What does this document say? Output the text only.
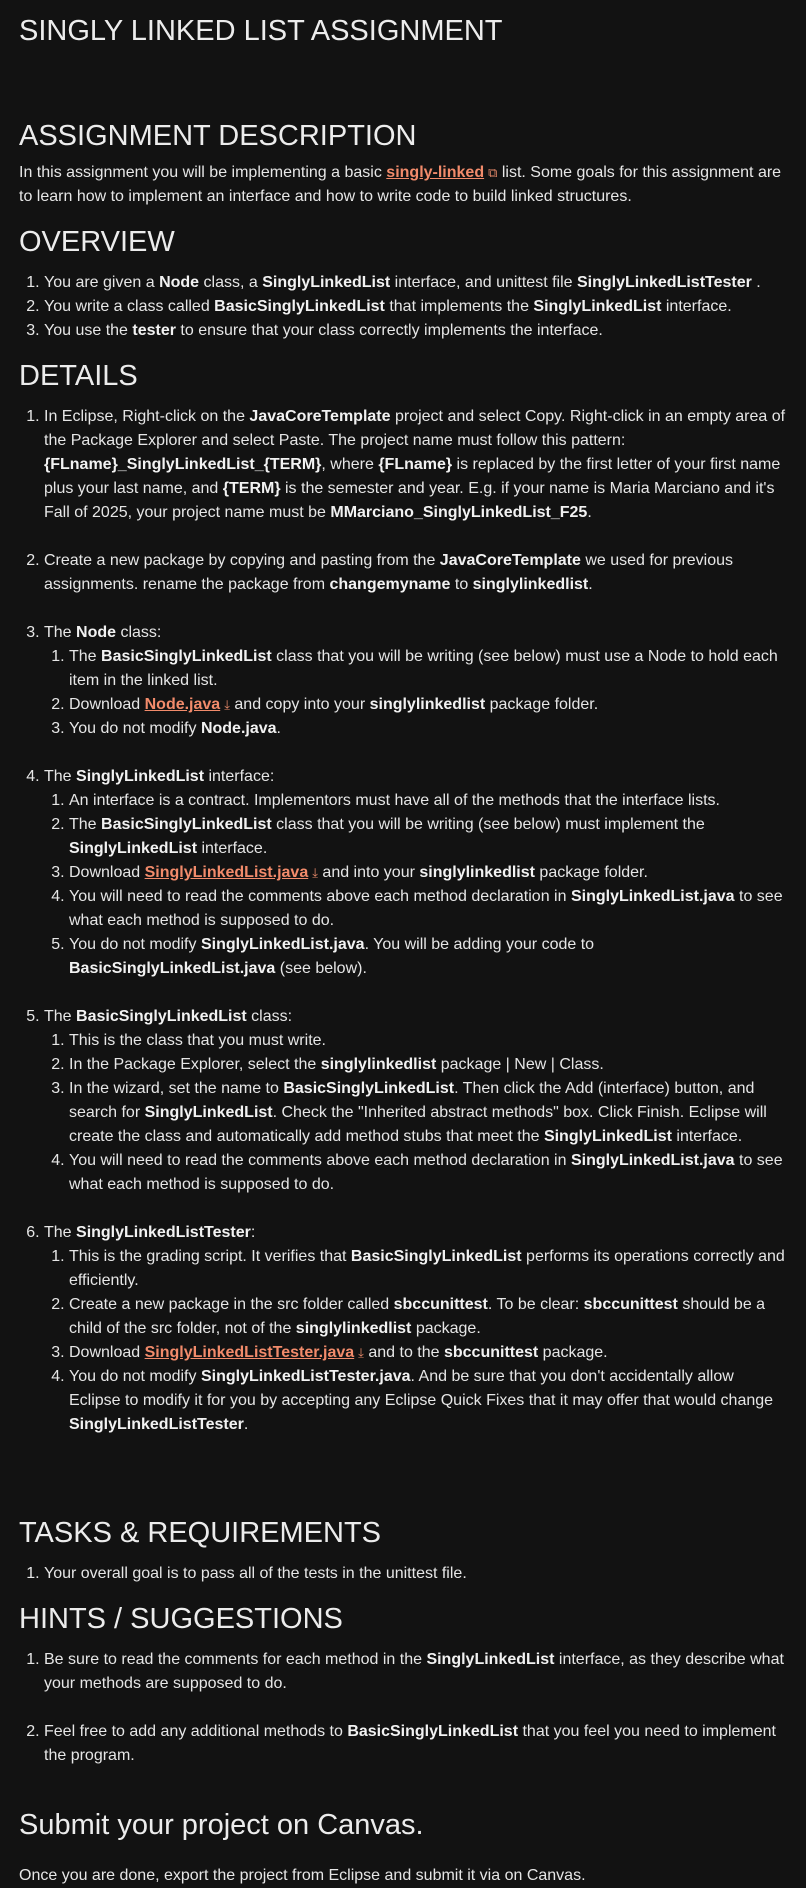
SINGLY LINKED LIST ASSIGNMENT
ASSIGNMENT DESCRIPTION

In this assignment you will be implementing a basic singly-linked ⧉ list. Some goals for this assignment are to learn how to implement an interface and how to write code to build linked structures.

OVERVIEW
1. You are given a Node class, a SinglyLinkedList interface, and unittest file SinglyLinkedListTester .
2. You write a class called BasicSinglyLinkedList that implements the SinglyLinkedList interface.
3. You use the tester to ensure that your class correctly implements the interface.
DETAILS
1. In Eclipse, Right-click on the JavaCoreTemplate project and select Copy. Right-click in an empty area of the Package Explorer and select Paste. The project name must follow this pattern: {FLname}_SinglyLinkedList_{TERM}, where {FLname} is replaced by the first letter of your first name plus your last name, and {TERM} is the semester and year. E.g. if your name is Maria Marciano and it's Fall of 2025, your project name must be MMarciano_SinglyLinkedList_F25.
2. Create a new package by copying and pasting from the JavaCoreTemplate we used for previous assignments. rename the package from changemyname to singlylinkedlist.
3. The Node class:
1. The BasicSinglyLinkedList class that you will be writing (see below) must use a Node to hold each item in the linked list.
2. Download Node.java ⤓ and copy into your singlylinkedlist package folder.
3. You do not modify Node.java.
4. The SinglyLinkedList interface:
1. An interface is a contract. Implementors must have all of the methods that the interface lists.
2. The BasicSinglyLinkedList class that you will be writing (see below) must implement the SinglyLinkedList interface.
3. Download SinglyLinkedList.java ⤓ and into your singlylinkedlist package folder.
4. You will need to read the comments above each method declaration in SinglyLinkedList.java to see what each method is supposed to do.
5. You do not modify SinglyLinkedList.java. You will be adding your code to BasicSinglyLinkedList.java (see below).
5. The BasicSinglyLinkedList class:
1. This is the class that you must write.
2. In the Package Explorer, select the singlylinkedlist package | New | Class.
3. In the wizard, set the name to BasicSinglyLinkedList. Then click the Add (interface) button, and search for SinglyLinkedList. Check the "Inherited abstract methods" box. Click Finish. Eclipse will create the class and automatically add method stubs that meet the SinglyLinkedList interface.
4. You will need to read the comments above each method declaration in SinglyLinkedList.java to see what each method is supposed to do.
6. The SinglyLinkedListTester:
1. This is the grading script. It verifies that BasicSinglyLinkedList performs its operations correctly and efficiently.
2. Create a new package in the src folder called sbccunittest. To be clear: sbccunittest should be a child of the src folder, not of the singlylinkedlist package.
3. Download SinglyLinkedListTester.java ⤓ and to the sbccunittest package.
4. You do not modify SinglyLinkedListTester.java. And be sure that you don't accidentally allow Eclipse to modify it for you by accepting any Eclipse Quick Fixes that it may offer that would change SinglyLinkedListTester.
TASKS & REQUIREMENTS
1. Your overall goal is to pass all of the tests in the unittest file.
HINTS / SUGGESTIONS
1. Be sure to read the comments for each method in the SinglyLinkedList interface, as they describe what your methods are supposed to do.
2. Feel free to add any additional methods to BasicSinglyLinkedList that you feel you need to implement the program.
Submit your project on Canvas.

Once you are done, export the project from Eclipse and submit it via on Canvas.
